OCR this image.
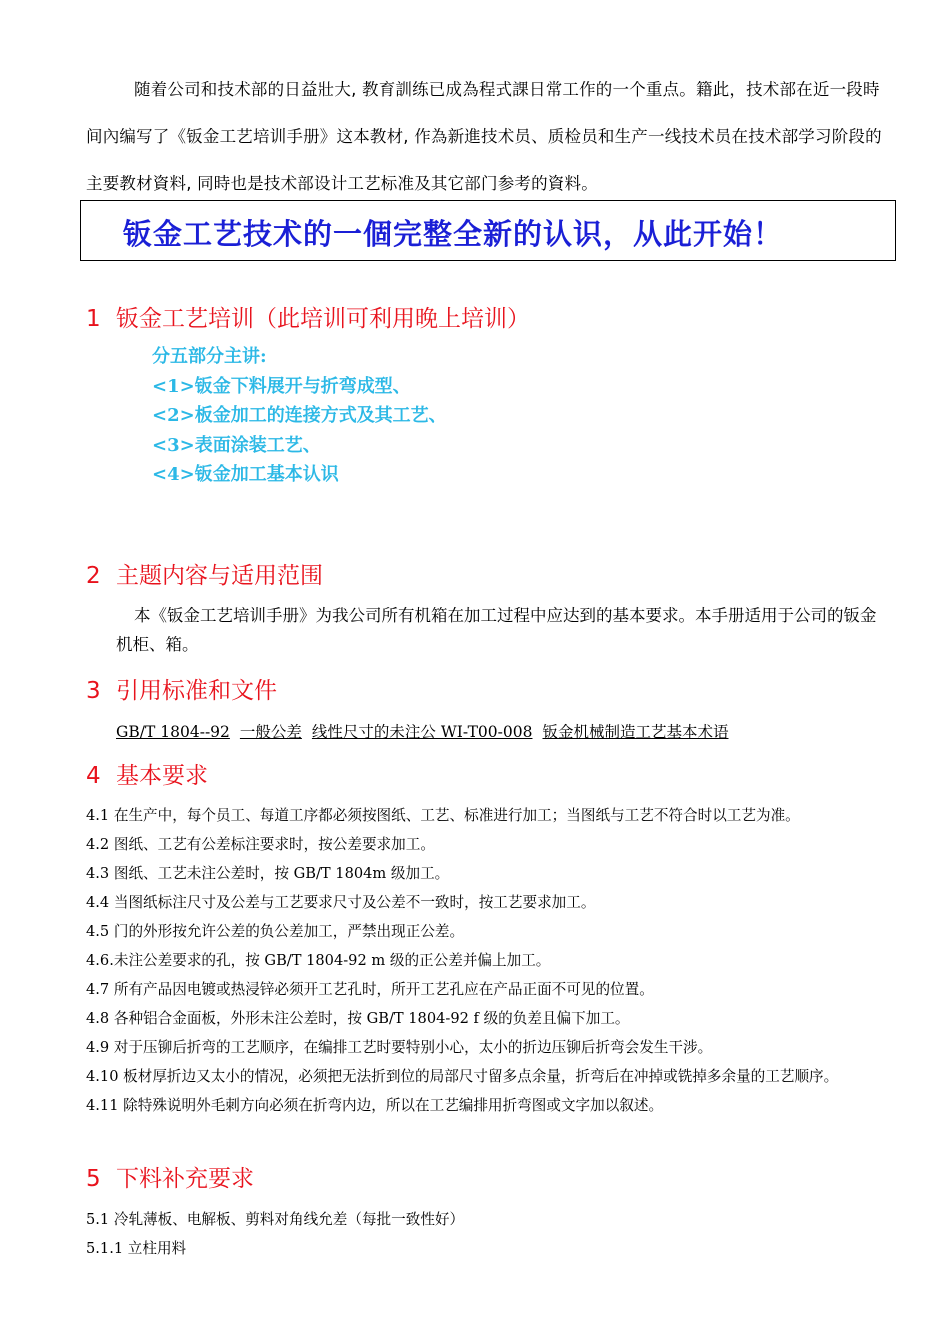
随着公司和技术部的日益壯大, 教育訓练已成為程式課日常工作的一个重点。籍此，技术部在近一段時间內编写了《钣金工艺培训手册》这本教材, 作為新進技术员、质检员和生产一线技术员在技术部学习阶段的主要教材資料, 同時也是技术部设计工艺标准及其它部门参考的資料。
钣金工艺技术的一個完整全新的认识，从此开始！
1 钣金工艺培训（此培训可利用晚上培训）
分五部分主讲:
<1>钣金下料展开与折弯成型、
<2>板金加工的连接方式及其工艺、
<3>表面涂装工艺、
<4>钣金加工基本认识
2 主题内容与适用范围
本《钣金工艺培训手册》为我公司所有机箱在加工过程中应达到的基本要求。本手册适用于公司的钣金机柜、箱。
3 引用标准和文件
GB/T 1804--92 一般公差 线性尺寸的未注公 WI-T00-008 钣金机械制造工艺基本术语
4 基本要求
4.1 在生产中，每个员工、每道工序都必须按图纸、工艺、标准进行加工；当图纸与工艺不符合时以工艺为准。
4.2 图纸、工艺有公差标注要求时，按公差要求加工。
4.3 图纸、工艺未注公差时，按 GB/T 1804m 级加工。
4.4 当图纸标注尺寸及公差与工艺要求尺寸及公差不一致时，按工艺要求加工。
4.5 门的外形按允许公差的负公差加工，严禁出现正公差。
4.6.未注公差要求的孔，按 GB/T 1804-92 m 级的正公差并偏上加工。
4.7 所有产品因电镀或热浸锌必须开工艺孔时，所开工艺孔应在产品正面不可见的位置。
4.8 各种铝合金面板，外形未注公差时，按 GB/T 1804-92 f 级的负差且偏下加工。
4.9 对于压铆后折弯的工艺顺序，在编排工艺时要特别小心，太小的折边压铆后折弯会发生干涉。
4.10 板材厚折边又太小的情况，必须把无法折到位的局部尺寸留多点余量，折弯后在冲掉或铣掉多余量的工艺顺序。
4.11 除特殊说明外毛刺方向必须在折弯内边，所以在工艺编排用折弯图或文字加以叙述。
5 下料补充要求
5.1 冷轧薄板、电解板、剪料对角线允差（每批一致性好）
5.1.1 立柱用料
